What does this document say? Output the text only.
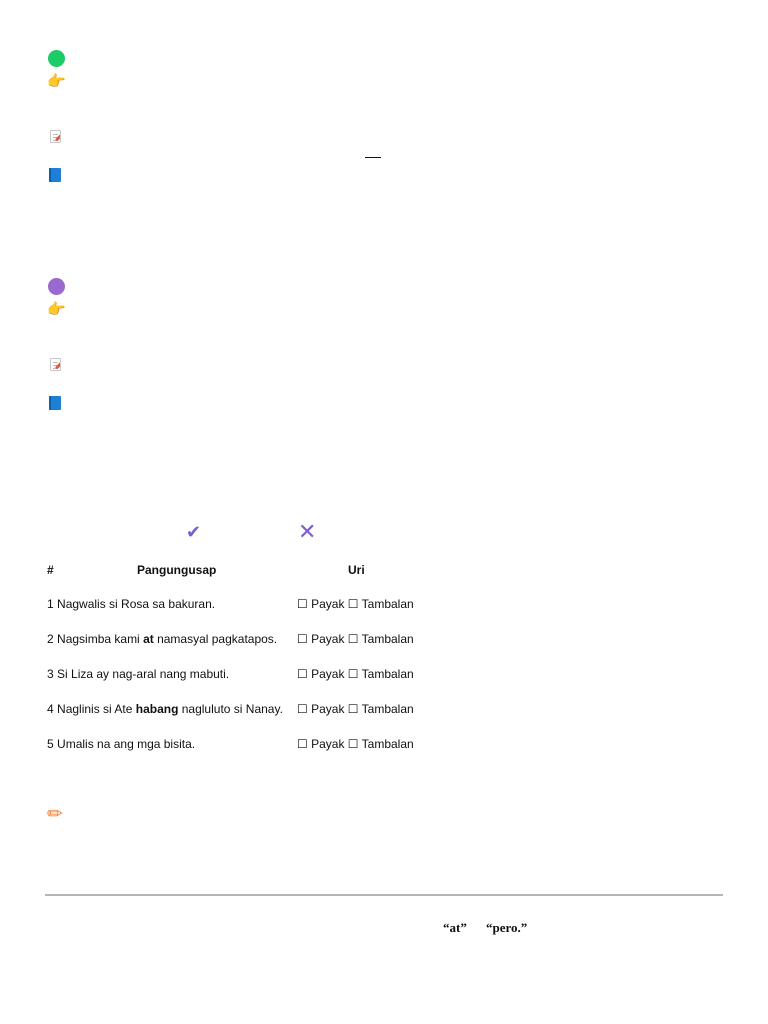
👉
👉
✔	✕
#	Pangungusap	Uri
1 Nagwalis si Rosa sa bakuran.	☐ Payak ☐ Tambalan
2 Nagsimba kami at namasyal pagkatapos. ☐ Payak ☐ Tambalan
3 Si Liza ay nag-aral nang mabuti.	☐ Payak ☐ Tambalan
4 Naglinis si Ate habang nagluluto si Nanay. ☐ Payak ☐ Tambalan
5 Umalis na ang mga bisita.	☐ Payak ☐ Tambalan
✏
“at” “pero.”
